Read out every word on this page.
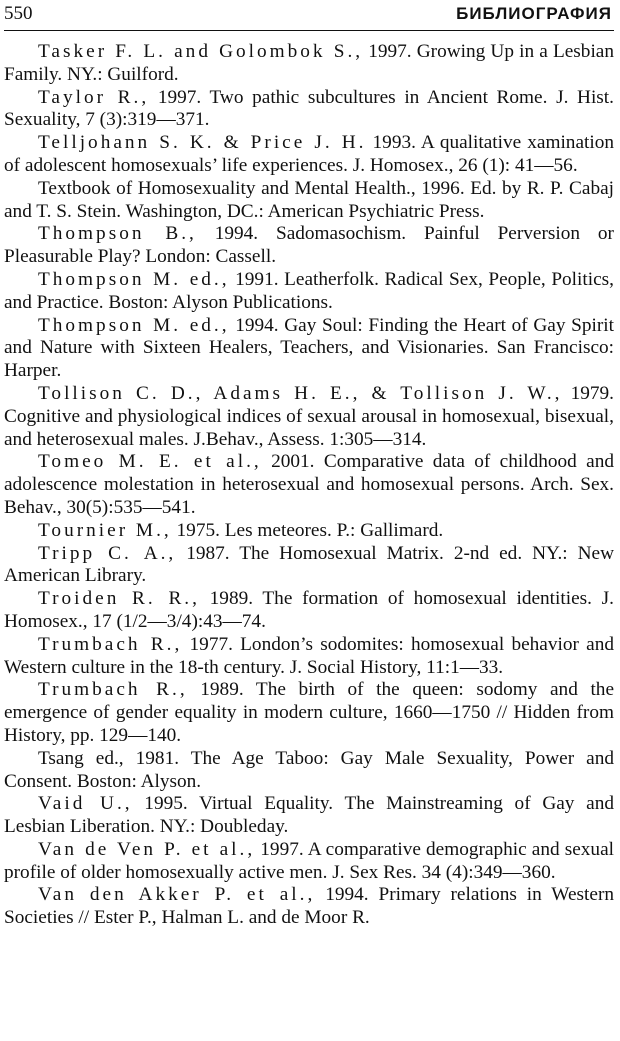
550	БИБЛИОГРАФИЯ

Tasker F. L. and Golombok S., 1997. Growing Up in a Lesbian Family. NY.: Guilford.

Taylor R., 1997. Two pathic subcultures in Ancient Rome. J. Hist. Sexuality, 7 (3):319—371.

Telljohann S. K. & Price J. H. 1993. A qualitative xamination of adolescent homosexuals’ life experiences. J. Homosex., 26 (1): 41—56.

Textbook of Homosexuality and Mental Health., 1996. Ed. by R. P. Cabaj and T. S. Stein. Washington, DC.: American Psychiatric Press.

Thompson B., 1994. Sadomasochism. Painful Perversion or Pleasurable Play? London: Cassell.

Thompson M. ed., 1991. Leatherfolk. Radical Sex, People, Politics, and Practice. Boston: Alyson Publications.

Thompson M. ed., 1994. Gay Soul: Finding the Heart of Gay Spirit and Nature with Sixteen Healers, Teachers, and Visionaries. San Francisco: Harper.

Tollison C. D., Adams H. E., & Tollison J. W., 1979. Cognitive and physiological indices of sexual arousal in homosexual, bisexual, and heterosexual males. J.Behav., Assess. 1:305—314.

Tomeo M. E. et al., 2001. Comparative data of childhood and adolescence molestation in heterosexual and homosexual persons. Arch. Sex. Behav., 30(5):535—541.

Tournier M., 1975. Les meteores. P.: Gallimard.

Tripp C. A., 1987. The Homosexual Matrix. 2-nd ed. NY.: New American Library.

Troiden R. R., 1989. The formation of homosexual identities. J. Homosex., 17 (1/2—3/4):43—74.

Trumbach R., 1977. London’s sodomites: homosexual behavior and Western culture in the 18-th century. J. Social History, 11:1—33.

Trumbach R., 1989. The birth of the queen: sodomy and the emergence of gender equality in modern culture, 1660—1750 // Hidden from History, pp. 129—140.

Tsang ed., 1981. The Age Taboo: Gay Male Sexuality, Power and Consent. Boston: Alyson.

Vaid U., 1995. Virtual Equality. The Mainstreaming of Gay and Lesbian Liberation. NY.: Doubleday.

Van de Ven P. et al., 1997. A comparative demographic and sexual profile of older homosexually active men. J. Sex Res. 34 (4):349—360.

Van den Akker P. et al., 1994. Primary relations in Western Societies // Ester P., Halman L. and de Moor R.
